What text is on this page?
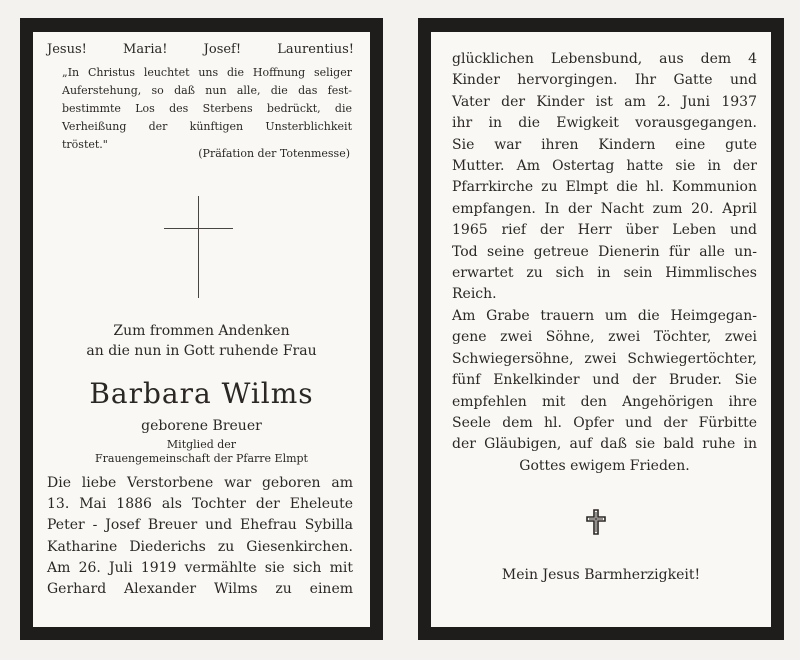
Jesus!	Maria!	Josef!	Laurentius!
„In Christus leuchtet uns die Hoffnung seliger
Auferstehung, so daß nun alle, die das fest-
bestimmte Los des Sterbens bedrückt, die
Verheißung der künftigen Unsterblichkeit
tröstet."
(Präfation der Totenmesse)
Zum frommen Andenken
an die nun in Gott ruhende Frau
Barbara Wilms
geborene Breuer
Mitglied der
Frauengemeinschaft der Pfarre Elmpt
Die liebe Verstorbene war geboren am
13. Mai 1886 als Tochter der Eheleute
Peter - Josef Breuer und Ehefrau Sybilla
Katharine Diederichs zu Giesenkirchen.
Am 26. Juli 1919 vermählte sie sich mit
Gerhard Alexander Wilms zu einem
glücklichen Lebensbund, aus dem 4
Kinder hervorgingen. Ihr Gatte und
Vater der Kinder ist am 2. Juni 1937
ihr in die Ewigkeit vorausgegangen.
Sie war ihren Kindern eine gute
Mutter. Am Ostertag hatte sie in der
Pfarrkirche zu Elmpt die hl. Kommunion
empfangen. In der Nacht zum 20. April
1965 rief der Herr über Leben und
Tod seine getreue Dienerin für alle un-
erwartet zu sich in sein Himmlisches
Reich.
Am Grabe trauern um die Heimgegan-
gene zwei Söhne, zwei Töchter, zwei
Schwiegersöhne, zwei Schwiegertöchter,
fünf Enkelkinder und der Bruder. Sie
empfehlen mit den Angehörigen ihre
Seele dem hl. Opfer und der Fürbitte
der Gläubigen, auf daß sie bald ruhe in
Gottes ewigem Frieden.
Mein Jesus Barmherzigkeit!
